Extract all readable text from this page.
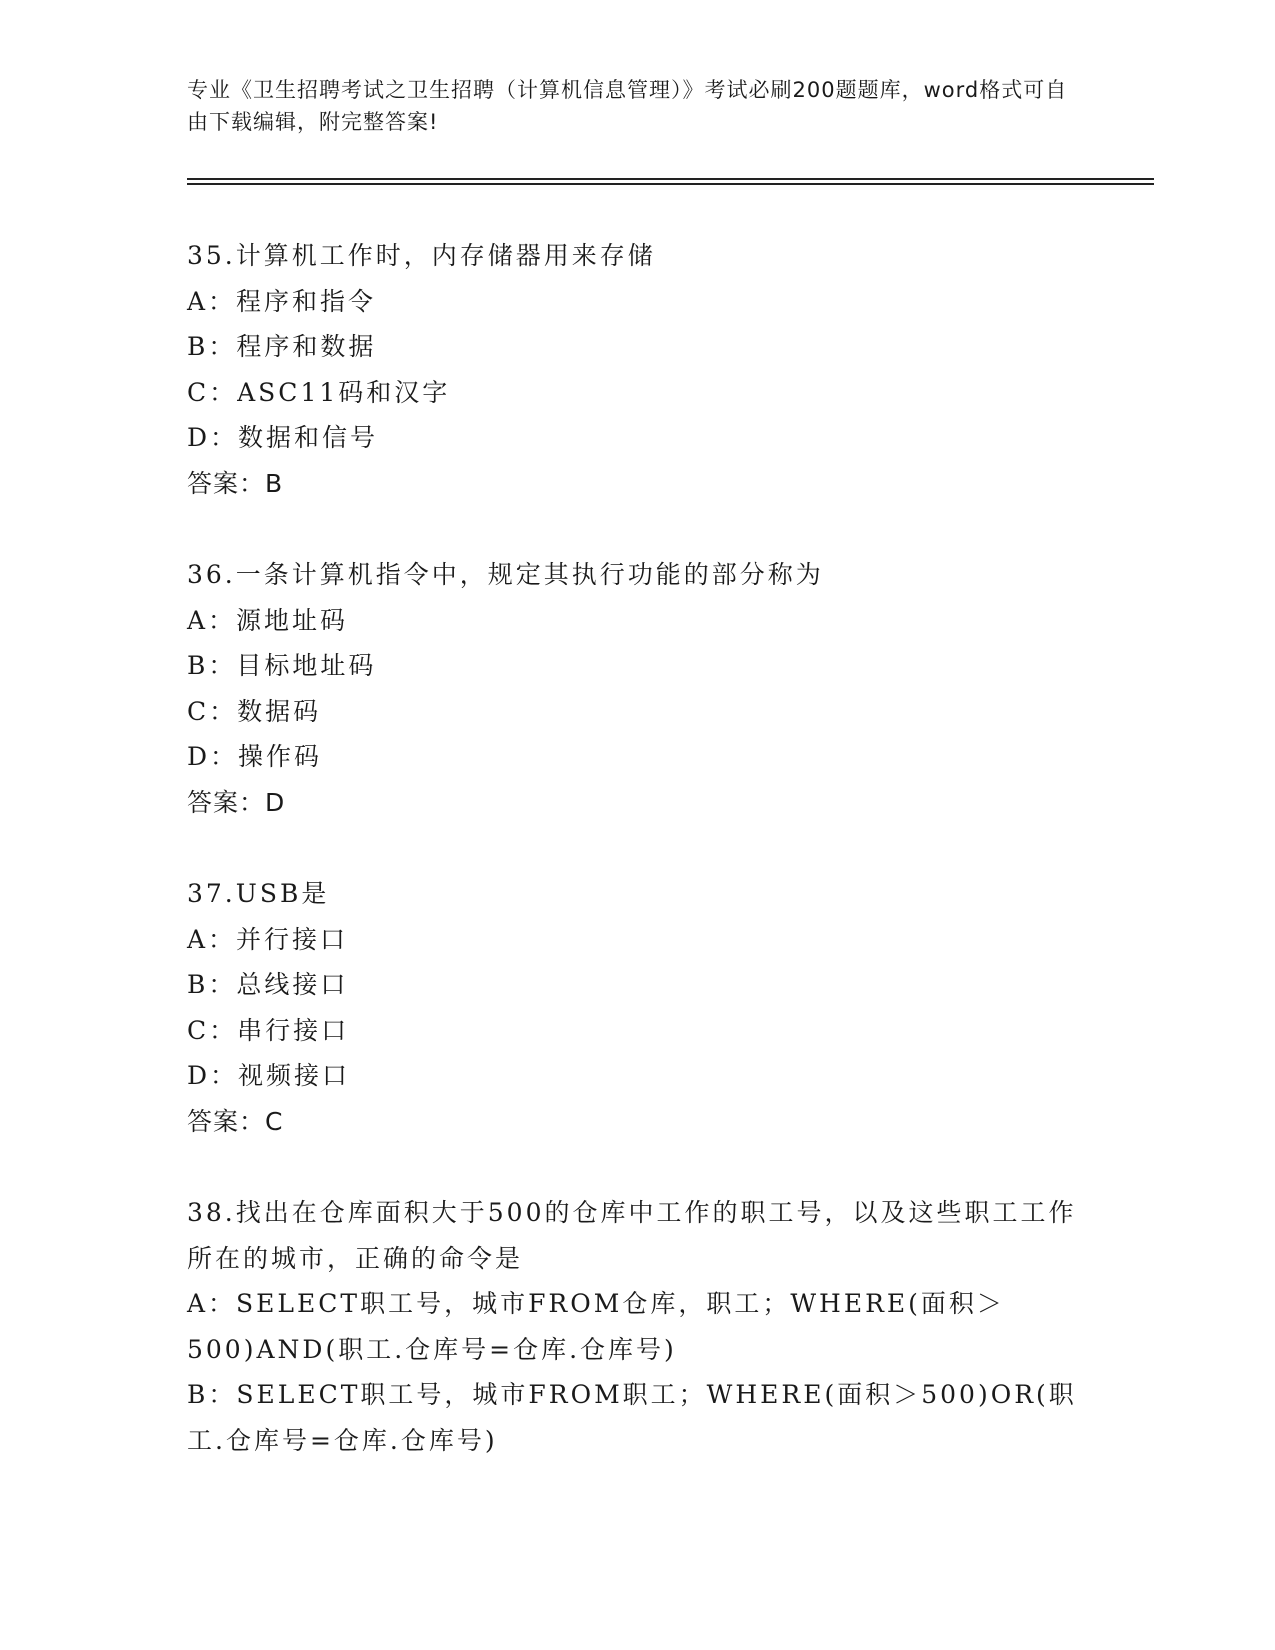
专业《卫生招聘考试之卫生招聘（计算机信息管理）》考试必刷200题题库，word格式可自由下载编辑，附完整答案!
35.计算机工作时，内存储器用来存储
A：程序和指令
B：程序和数据
C：ASC11码和汉字
D：数据和信号
答案：B
36.一条计算机指令中，规定其执行功能的部分称为
A：源地址码
B：目标地址码
C：数据码
D：操作码
答案：D
37.USB是
A：并行接口
B：总线接口
C：串行接口
D：视频接口
答案：C
38.找出在仓库面积大于500的仓库中工作的职工号，以及这些职工工作所在的城市，正确的命令是
A：SELECT职工号，城市FROM仓库，职工；WHERE(面积＞500)AND(职工.仓库号=仓库.仓库号)
B：SELECT职工号，城市FROM职工；WHERE(面积＞500)OR(职工.仓库号=仓库.仓库号)
